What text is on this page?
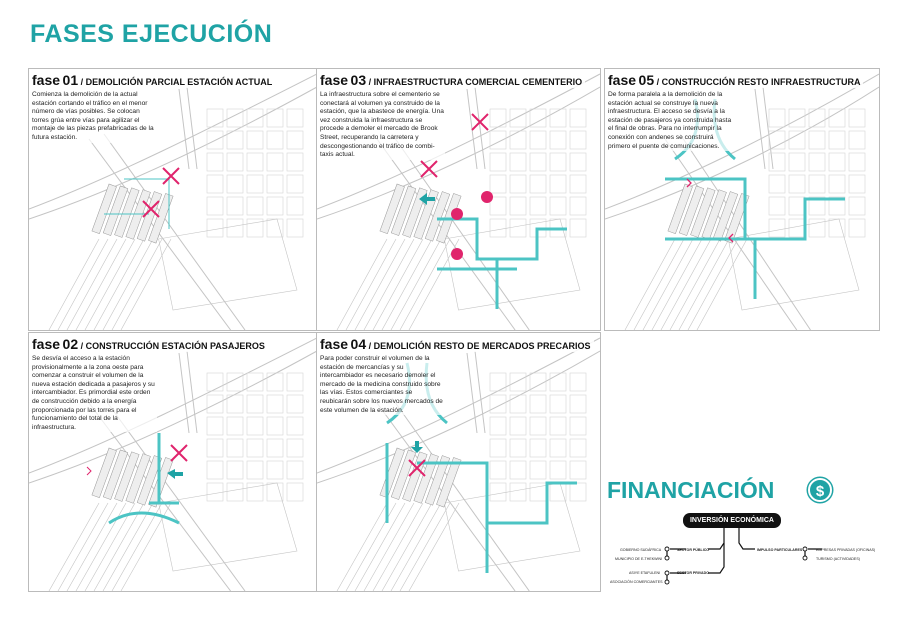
FASES EJECUCIÓN
fase 01 / DEMOLICIÓN PARCIAL ESTACIÓN ACTUAL
Comienza la demolición de la actual estación cortando el tráfico en el menor número de vías posibles. Se colocan torres grúa entre vías para agilizar el montaje de las piezas prefabricadas de la futura estación.
fase 03 / INFRAESTRUCTURA COMERCIAL CEMENTERIO
La infraestructura sobre el cementerio se conectará al volumen ya construido de la estación, que la abastece de energía. Una vez construida la infraestructura se procede a demoler el mercado de Brook Street, recuperando la carretera y descongestionando el tráfico de combi-taxis actual.
fase 05 / CONSTRUCCIÓN RESTO INFRAESTRUCTURA
De forma paralela a la demolición de la estación actual se construye la nueva infraestructura. El acceso se desvía a la estación de pasajeros ya construida hasta el final de obras. Para no interrumpir la conexión con andenes se construirá primero el puente de comunicaciones.
fase 02 / CONSTRUCCIÓN ESTACIÓN PASAJEROS
Se desvía el acceso a la estación provisionalmente a la zona oeste para comenzar a construir el volumen de la nueva estación dedicada a pasajeros y su intercambiador. Es primordial este orden de construcción debido a la energía proporcionada por las torres para el funcionamiento del total de la infraestructura.
fase 04 / DEMOLICIÓN RESTO DE MERCADOS PRECARIOS
Para poder construir el volumen de la estación de mercancías y su intercambiador es necesario demoler el mercado de la medicina construido sobre las vías. Estos comerciantes se reubicarán sobre los nuevos mercados de este volumen de la estación.
FINANCIACIÓN	$
INVERSIÓN ECONÓMICA
SECTOR PÚBLICO
GOBIERNO SUDÁFRICA
MUNICIPIO DE E-THEKWINI
SECTOR PRIVADO
ASIYE ETAFULENI
ASOCIACIÓN COMERCIANTES
IMPULSO PARTICULARES	EMPRESAS PRIVADAS (OFICINAS)
TURISMO (ACTIVIDADES)
